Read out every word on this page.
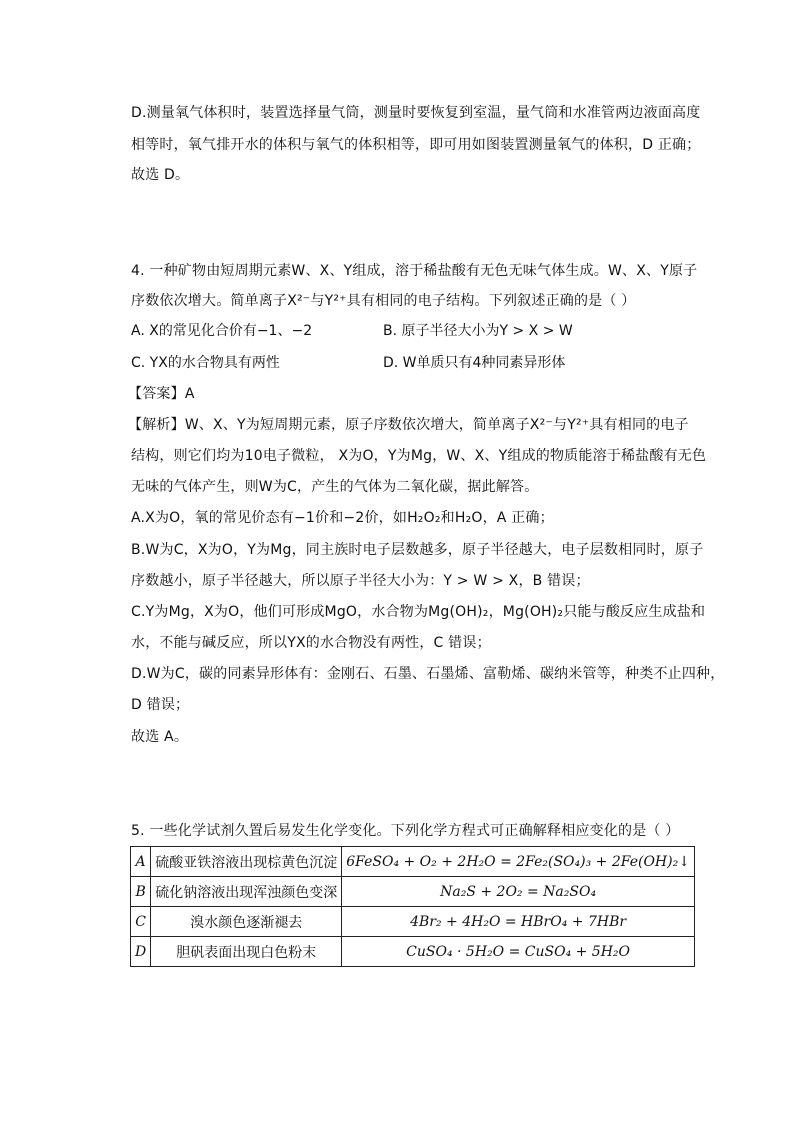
D.测量氧气体积时，装置选择量气筒，测量时要恢复到室温，量气筒和水准管两边液面高度
相等时，氧气排开水的体积与氧气的体积相等，即可用如图装置测量氧气的体积，D 正确；
故选 D。
4. 一种矿物由短周期元素W、X、Y组成，溶于稀盐酸有无色无味气体生成。W、X、Y原子
序数依次增大。简单离子X²⁻与Y²⁺具有相同的电子结构。下列叙述正确的是（ ）
A. X的常见化合价有−1、−2	B. 原子半径大小为Y > X > W
C. YX的水合物具有两性	D. W单质只有4种同素异形体
【答案】A
【解析】W、X、Y为短周期元素，原子序数依次增大，简单离子X²⁻与Y²⁺具有相同的电子
结构，则它们均为10电子微粒， X为O，Y为Mg，W、X、Y组成的物质能溶于稀盐酸有无色
无味的气体产生，则W为C，产生的气体为二氧化碳，据此解答。
A.X为O，氧的常见价态有−1价和−2价，如H₂O₂和H₂O，A 正确；
B.W为C，X为O，Y为Mg，同主族时电子层数越多，原子半径越大，电子层数相同时，原子
序数越小，原子半径越大，所以原子半径大小为：Y > W > X，B 错误；
C.Y为Mg，X为O，他们可形成MgO，水合物为Mg(OH)₂，Mg(OH)₂只能与酸反应生成盐和
水，不能与碱反应，所以YX的水合物没有两性，C 错误；
D.W为C，碳的同素异形体有：金刚石、石墨、石墨烯、富勒烯、碳纳米管等，种类不止四种，
D 错误；
故选 A。
5. 一些化学试剂久置后易发生化学变化。下列化学方程式可正确解释相应变化的是（ ）
A	硫酸亚铁溶液出现棕黄色沉淀	6FeSO₄ + O₂ + 2H₂O = 2Fe₂(SO₄)₃ + 2Fe(OH)₂↓
B	硫化钠溶液出现浑浊颜色变深	Na₂S + 2O₂ = Na₂SO₄
C	溴水颜色逐渐褪去	4Br₂ + 4H₂O = HBrO₄ + 7HBr
D	胆矾表面出现白色粉末	CuSO₄ · 5H₂O = CuSO₄ + 5H₂O
